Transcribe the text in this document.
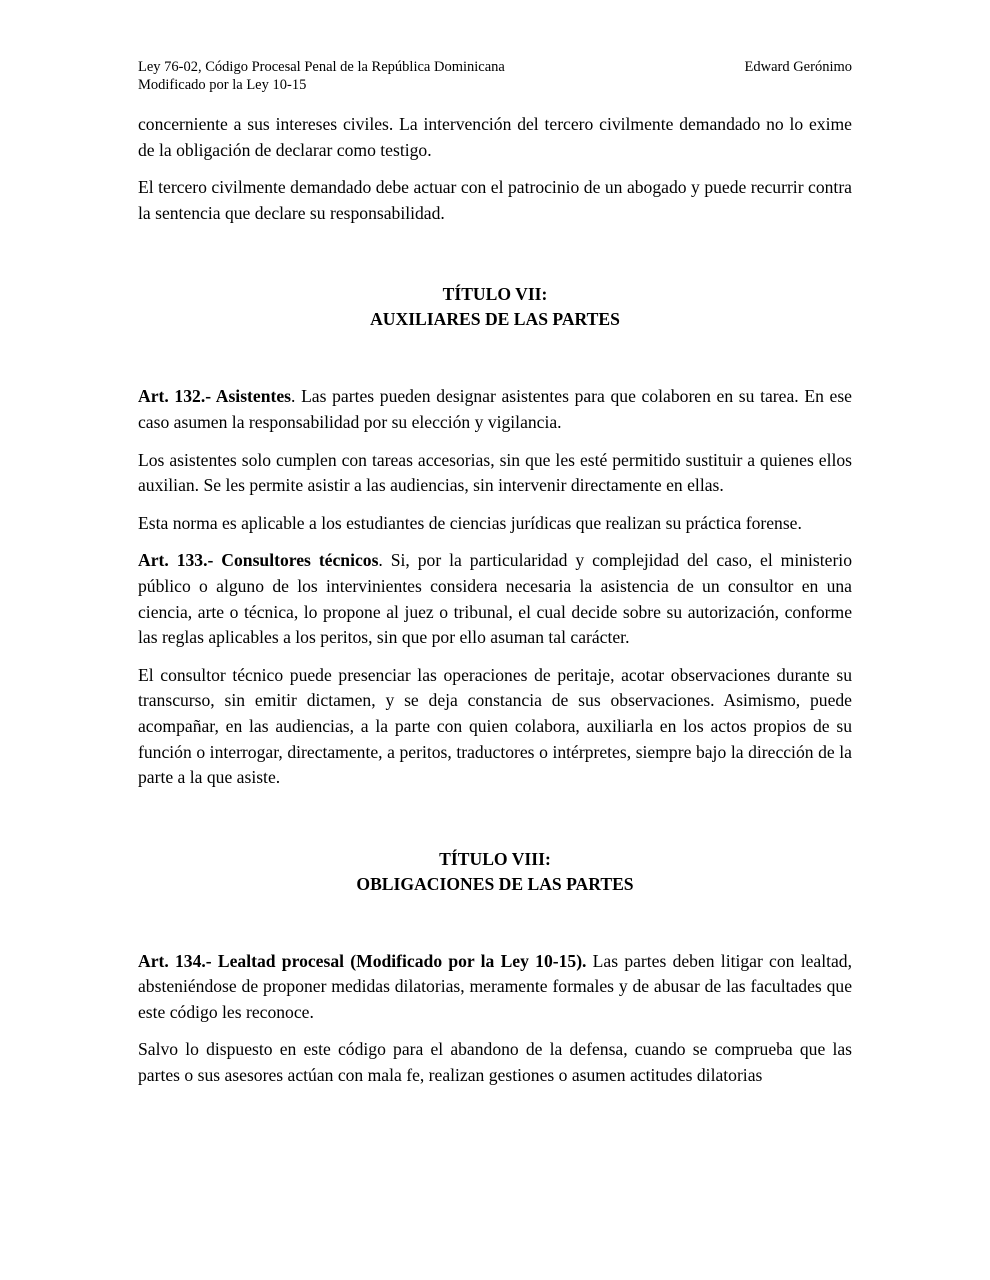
Ley 76-02, Código Procesal Penal de la República Dominicana
Modificado por la Ley 10-15
Edward Gerónimo

concerniente a sus intereses civiles. La intervención del tercero civilmente demandado no lo exime de la obligación de declarar como testigo.

El tercero civilmente demandado debe actuar con el patrocinio de un abogado y puede recurrir contra la sentencia que declare su responsabilidad.

TÍTULO VII:
AUXILIARES DE LAS PARTES

Art. 132.- Asistentes. Las partes pueden designar asistentes para que colaboren en su tarea. En ese caso asumen la responsabilidad por su elección y vigilancia.

Los asistentes solo cumplen con tareas accesorias, sin que les esté permitido sustituir a quienes ellos auxilian. Se les permite asistir a las audiencias, sin intervenir directamente en ellas.

Esta norma es aplicable a los estudiantes de ciencias jurídicas que realizan su práctica forense.

Art. 133.- Consultores técnicos. Si, por la particularidad y complejidad del caso, el ministerio público o alguno de los intervinientes considera necesaria la asistencia de un consultor en una ciencia, arte o técnica, lo propone al juez o tribunal, el cual decide sobre su autorización, conforme las reglas aplicables a los peritos, sin que por ello asuman tal carácter.

El consultor técnico puede presenciar las operaciones de peritaje, acotar observaciones durante su transcurso, sin emitir dictamen, y se deja constancia de sus observaciones. Asimismo, puede acompañar, en las audiencias, a la parte con quien colabora, auxiliarla en los actos propios de su función o interrogar, directamente, a peritos, traductores o intérpretes, siempre bajo la dirección de la parte a la que asiste.

TÍTULO VIII:
OBLIGACIONES DE LAS PARTES

Art. 134.- Lealtad procesal (Modificado por la Ley 10-15). Las partes deben litigar con lealtad, absteniéndose de proponer medidas dilatorias, meramente formales y de abusar de las facultades que este código les reconoce.

Salvo lo dispuesto en este código para el abandono de la defensa, cuando se comprueba que las partes o sus asesores actúan con mala fe, realizan gestiones o asumen actitudes dilatorias
